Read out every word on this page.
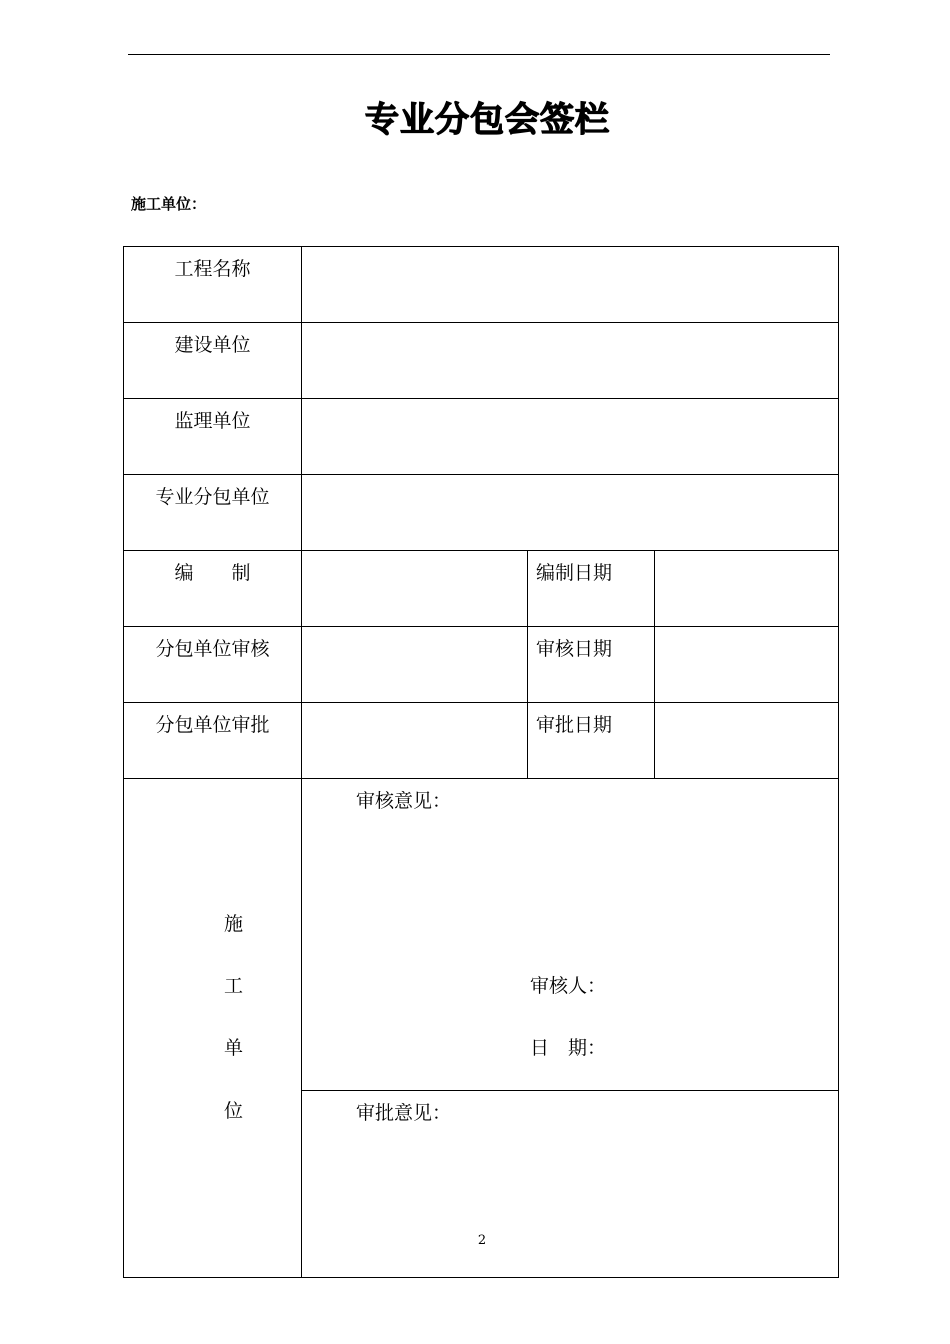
专业分包会签栏
施工单位：
工程名称			
建设单位			
监理单位			
专业分包单位			
编　　制		编制日期	
分包单位审核		审核日期	
分包单位审批		审批日期	

施
工
单
位	审核意见：
审核人：
日　期：		

	审批意见：		
2
